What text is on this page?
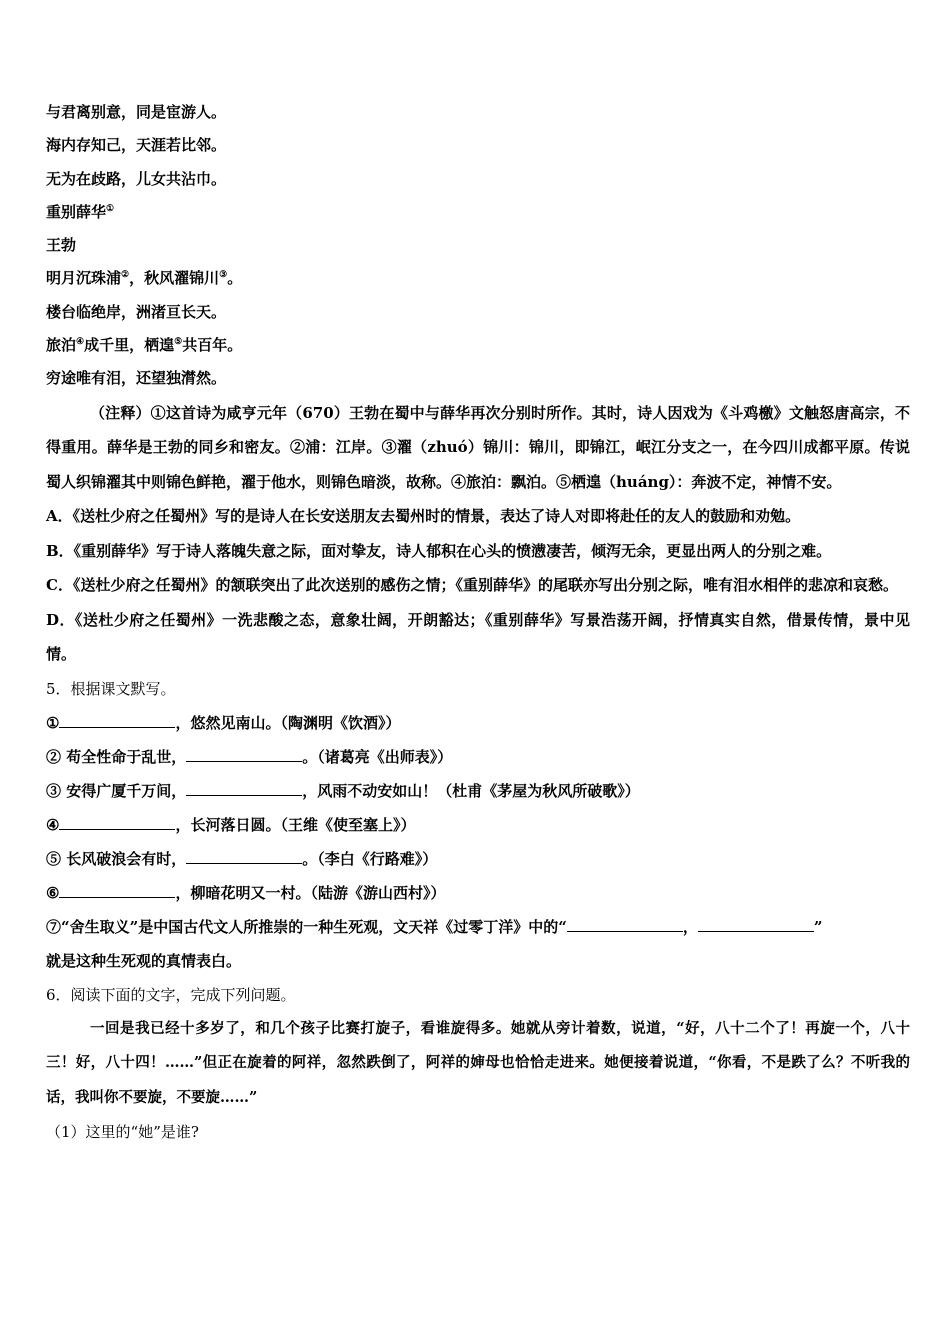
与君离别意，同是宦游人。
海内存知己，天涯若比邻。
无为在歧路，儿女共沾巾。
重别薛华①
王勃
明月沉珠浦②，秋风濯锦川③。
楼台临绝岸，洲渚亘长天。
旅泊④成千里，栖遑⑤共百年。
穷途唯有泪，还望独潸然。
（注释）①这首诗为咸亨元年（670）王勃在蜀中与薛华再次分别时所作。其时，诗人因戏为《斗鸡檄》文触怒唐高宗，不得重用。薛华是王勃的同乡和密友。②浦：江岸。③濯（zhuó）锦川：锦川，即锦江，岷江分支之一，在今四川成都平原。传说蜀人织锦濯其中则锦色鲜艳，濯于他水，则锦色暗淡，故称。④旅泊：飘泊。⑤栖遑（huáng）：奔波不定，神情不安。
A．《送杜少府之任蜀州》写的是诗人在长安送朋友去蜀州时的情景，表达了诗人对即将赴任的友人的鼓励和劝勉。
B．《重别薛华》写于诗人落魄失意之际，面对挚友，诗人郁积在心头的愤懑凄苦，倾泻无余，更显出两人的分别之难。
C．《送杜少府之任蜀州》的颔联突出了此次送别的感伤之情；《重别薛华》的尾联亦写出分别之际，唯有泪水相伴的悲凉和哀愁。
D．《送杜少府之任蜀州》一洗悲酸之态，意象壮阔，开朗豁达；《重别薛华》写景浩荡开阔，抒情真实自然，借景传情，景中见情。
5．根据课文默写。
①	，悠然见南山。（陶渊明《饮酒》）
② 苟全性命于乱世，	。（诸葛亮《出师表》）
③ 安得广厦千万间，	，风雨不动安如山！（杜甫《茅屋为秋风所破歌》）
④	，长河落日圆。（王维《使至塞上》）
⑤ 长风破浪会有时，	。（李白《行路难》）
⑥	，柳暗花明又一村。（陆游《游山西村》）
⑦“舍生取义”是中国古代文人所推崇的一种生死观，文天祥《过零丁洋》中的“	，	”
就是这种生死观的真情表白。
6．阅读下面的文字，完成下列问题。
一回是我已经十多岁了，和几个孩子比赛打旋子，看谁旋得多。她就从旁计着数，说道，“好，八十二个了！再旋一个，八十三！好，八十四！……”但正在旋着的阿祥，忽然跌倒了，阿祥的婶母也恰恰走进来。她便接着说道，“你看，不是跌了么？不听我的话，我叫你不要旋，不要旋……”
（1）这里的“她”是谁?
